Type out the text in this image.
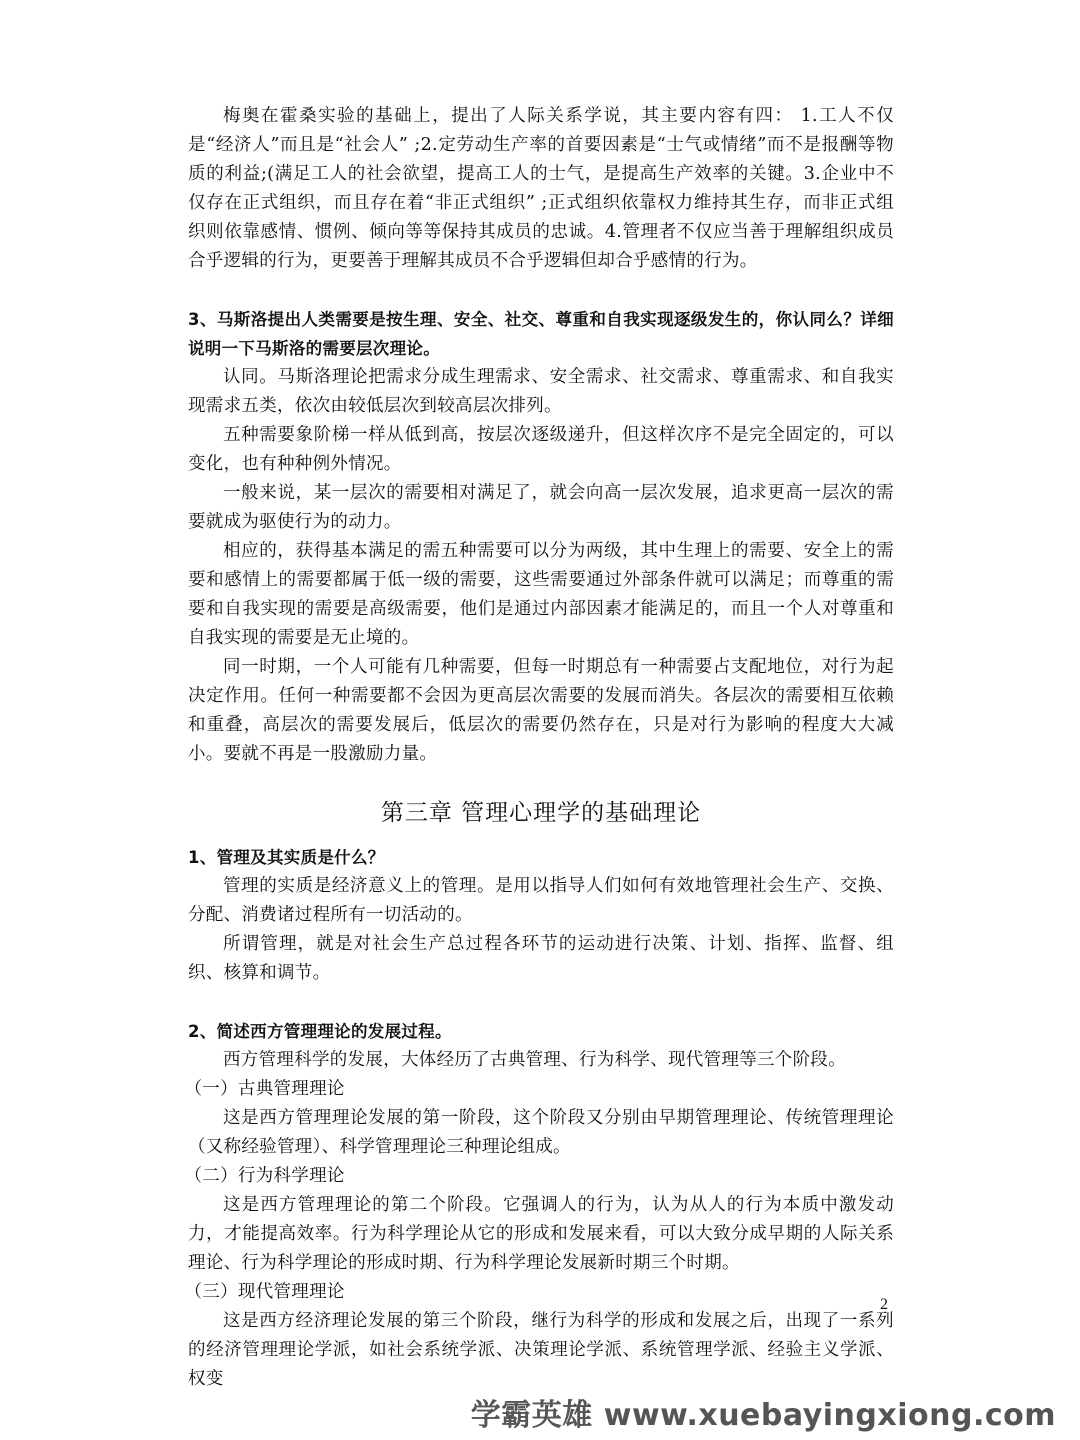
梅奥在霍桑实验的基础上，提出了人际关系学说，其主要内容有四： 1.工人不仅是“经济人”而且是“社会人” ;2.定劳动生产率的首要因素是“士气或情绪”而不是报酬等物质的利益;(满足工人的社会欲望，提高工人的士气，是提高生产效率的关键。3.企业中不仅存在正式组织，而且存在着“非正式组织” ;正式组织依靠权力维持其生存，而非正式组织则依靠感情、惯例、倾向等等保持其成员的忠诚。4.管理者不仅应当善于理解组织成员合乎逻辑的行为，更要善于理解其成员不合乎逻辑但却合乎感情的行为。

3、马斯洛提出人类需要是按生理、安全、社交、尊重和自我实现逐级发生的，你认同么？详细说明一下马斯洛的需要层次理论。

认同。马斯洛理论把需求分成生理需求、安全需求、社交需求、尊重需求、和自我实现需求五类，依次由较低层次到较高层次排列。

五种需要象阶梯一样从低到高，按层次逐级递升，但这样次序不是完全固定的，可以变化，也有种种例外情况。

一般来说，某一层次的需要相对满足了，就会向高一层次发展，追求更高一层次的需要就成为驱使行为的动力。

相应的，获得基本满足的需五种需要可以分为两级，其中生理上的需要、安全上的需要和感情上的需要都属于低一级的需要，这些需要通过外部条件就可以满足；而尊重的需要和自我实现的需要是高级需要，他们是通过内部因素才能满足的，而且一个人对尊重和自我实现的需要是无止境的。

同一时期，一个人可能有几种需要，但每一时期总有一种需要占支配地位，对行为起决定作用。任何一种需要都不会因为更高层次需要的发展而消失。各层次的需要相互依赖和重叠，高层次的需要发展后，低层次的需要仍然存在，只是对行为影响的程度大大减小。要就不再是一股激励力量。

第三章 管理心理学的基础理论

1、管理及其实质是什么？

管理的实质是经济意义上的管理。是用以指导人们如何有效地管理社会生产、交换、分配、消费诸过程所有一切活动的。

所谓管理，就是对社会生产总过程各环节的运动进行决策、计划、指挥、监督、组织、核算和调节。

2、简述西方管理理论的发展过程。

西方管理科学的发展，大体经历了古典管理、行为科学、现代管理等三个阶段。

（一）古典管理理论

这是西方管理理论发展的第一阶段，这个阶段又分别由早期管理理论、传统管理理论（又称经验管理）、科学管理理论三种理论组成。

（二）行为科学理论

这是西方管理理论的第二个阶段。它强调人的行为，认为从人的行为本质中激发动力，才能提高效率。行为科学理论从它的形成和发展来看，可以大致分成早期的人际关系理论、行为科学理论的形成时期、行为科学理论发展新时期三个时期。

（三）现代管理理论

这是西方经济理论发展的第三个阶段，继行为科学的形成和发展之后，出现了一系列的经济管理理论学派，如社会系统学派、决策理论学派、系统管理学派、经验主义学派、权变

2
学霸英雄 www.xuebayingxiong.com
